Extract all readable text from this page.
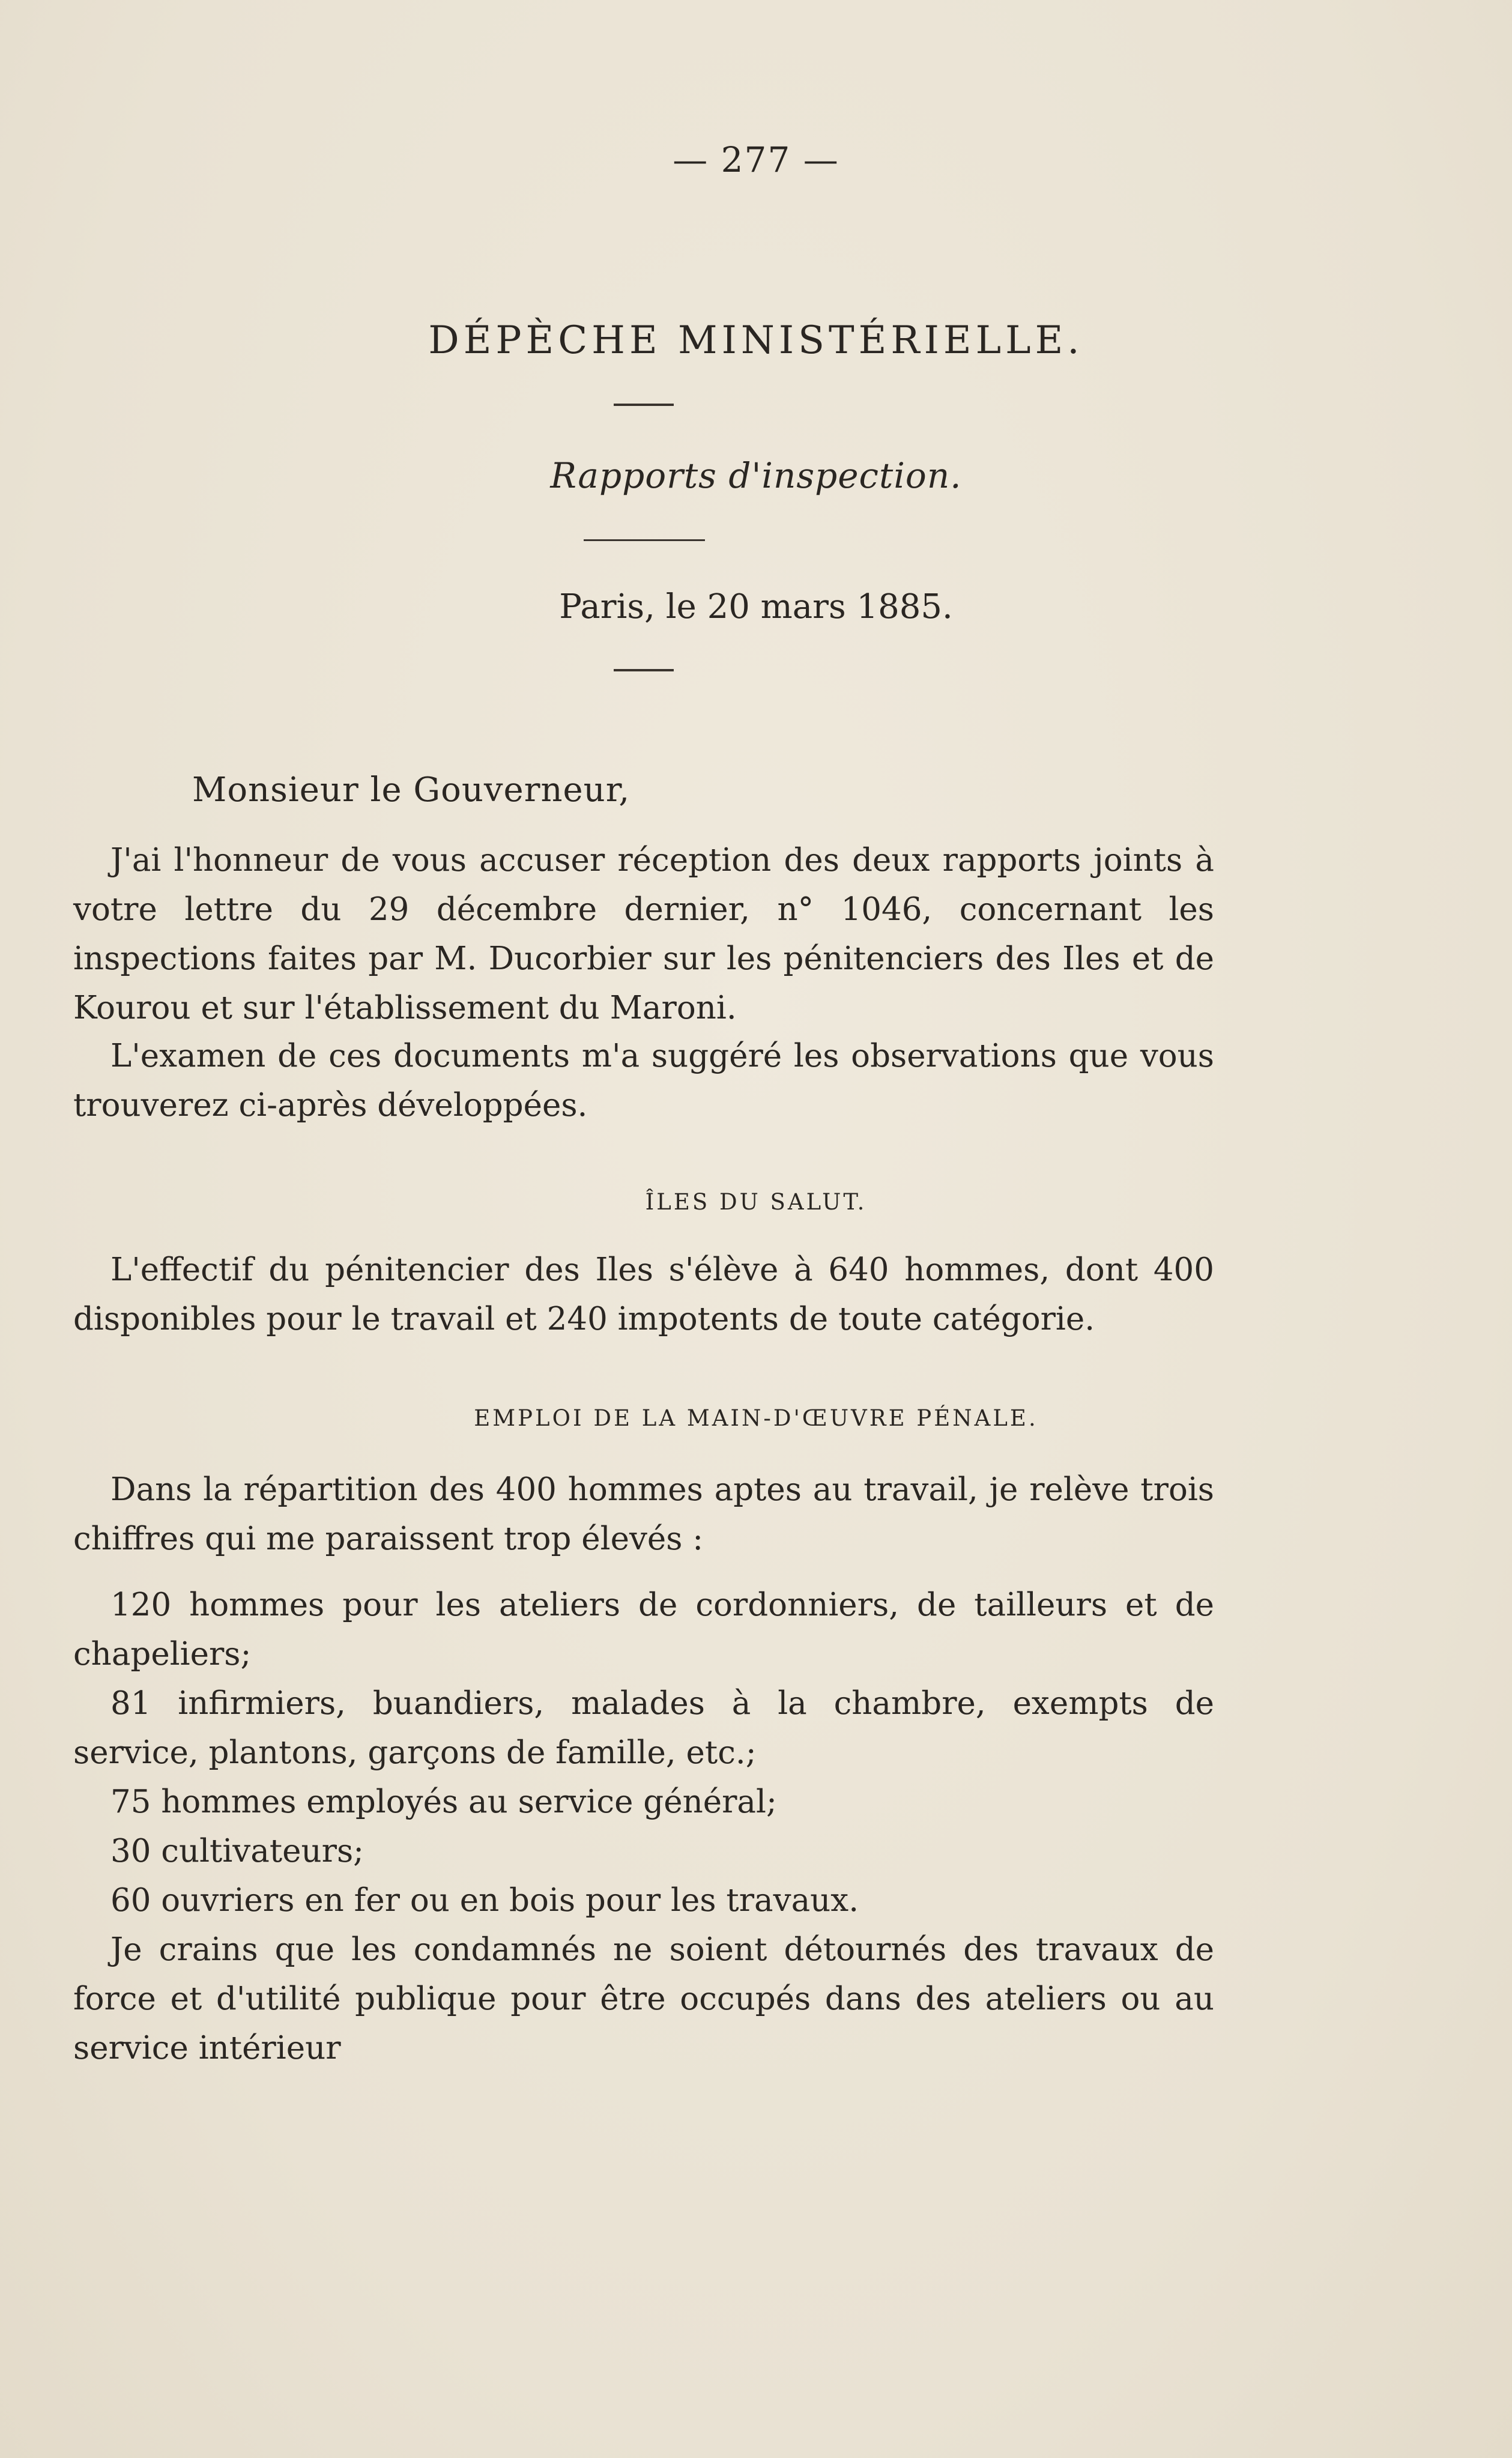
— 277 —
DÉPÈCHE MINISTÉRIELLE.
Rapports d'inspection.
Paris, le 20 mars 1885.
Monsieur le Gouverneur,

J'ai l'honneur de vous accuser réception des deux rapports joints à votre lettre du 29 décembre dernier, n° 1046, concernant les inspections faites par M. Ducorbier sur les pénitenciers des Iles et de Kourou et sur l'établissement du Maroni.

L'examen de ces documents m'a suggéré les observations que vous trouverez ci-après développées.

ÎLES DU SALUT.

L'effectif du pénitencier des Iles s'élève à 640 hommes, dont 400 disponibles pour le travail et 240 impotents de toute catégorie.

EMPLOI DE LA MAIN-D'ŒUVRE PÉNALE.

Dans la répartition des 400 hommes aptes au travail, je relève trois chiffres qui me paraissent trop élevés :

120 hommes pour les ateliers de cordonniers, de tailleurs et de chapeliers;

81 infirmiers, buandiers, malades à la chambre, exempts de service, plantons, garçons de famille, etc.;

75 hommes employés au service général;

30 cultivateurs;

60 ouvriers en fer ou en bois pour les travaux.

Je crains que les condamnés ne soient détournés des travaux de force et d'utilité publique pour être occupés dans des ateliers ou au service intérieur
